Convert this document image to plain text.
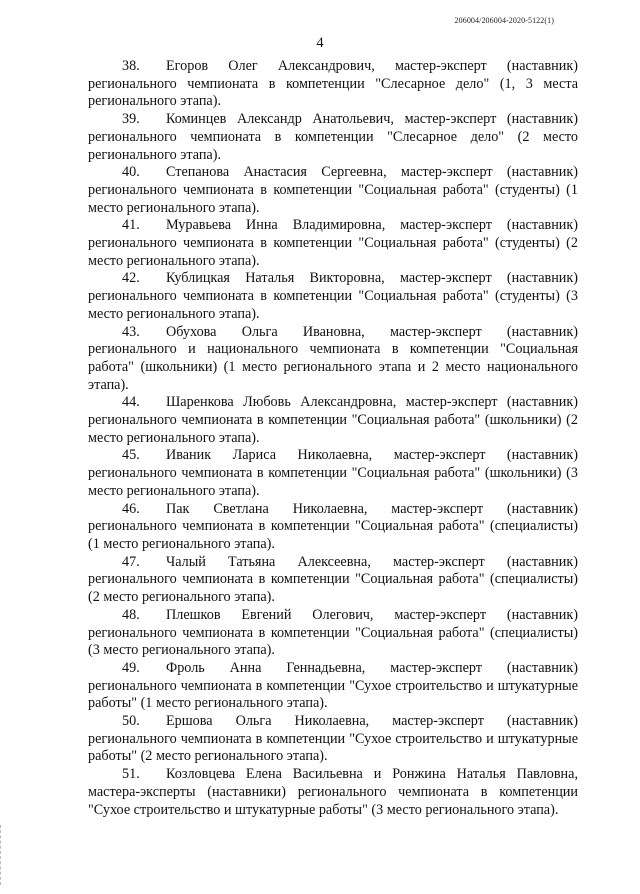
206004/206004-2020-5122(1)
4

38. Егоров Олег Александрович, мастер-эксперт (наставник) регионального чемпионата в компетенции "Слесарное дело" (1, 3 места регионального этапа).

39. Коминцев Александр Анатольевич, мастер-эксперт (наставник) регионального чемпионата в компетенции "Слесарное дело" (2 место регионального этапа).

40. Степанова Анастасия Сергеевна, мастер-эксперт (наставник) регионального чемпионата в компетенции "Социальная работа" (студенты) (1 место регионального этапа).

41. Муравьева Инна Владимировна, мастер-эксперт (наставник) регионального чемпионата в компетенции "Социальная работа" (студенты) (2 место регионального этапа).

42. Кублицкая Наталья Викторовна, мастер-эксперт (наставник) регионального чемпионата в компетенции "Социальная работа" (студенты) (3 место регионального этапа).

43. Обухова Ольга Ивановна, мастер-эксперт (наставник) регионального и национального чемпионата в компетенции "Социальная работа" (школьники) (1 место регионального этапа и 2 место национального этапа).

44. Шаренкова Любовь Александровна, мастер-эксперт (наставник) регионального чемпионата в компетенции "Социальная работа" (школьники) (2 место регионального этапа).

45. Иваник Лариса Николаевна, мастер-эксперт (наставник) регионального чемпионата в компетенции "Социальная работа" (школьники) (3 место регионального этапа).

46. Пак Светлана Николаевна, мастер-эксперт (наставник) регионального чемпионата в компетенции "Социальная работа" (специалисты) (1 место регионального этапа).

47. Чалый Татьяна Алексеевна, мастер-эксперт (наставник) регионального чемпионата в компетенции "Социальная работа" (специалисты) (2 место регионального этапа).

48. Плешков Евгений Олегович, мастер-эксперт (наставник) регионального чемпионата в компетенции "Социальная работа" (специалисты) (3 место регионального этапа).

49. Фроль Анна Геннадьевна, мастер-эксперт (наставник) регионального чемпионата в компетенции "Сухое строительство и штукатурные работы" (1 место регионального этапа).

50. Ершова Ольга Николаевна, мастер-эксперт (наставник) регионального чемпионата в компетенции "Сухое строительство и штукатурные работы" (2 место регионального этапа).

51. Козловцева Елена Васильевна и Ронжина Наталья Павловна, мастера-эксперты (наставники) регионального чемпионата в компетенции "Сухое строительство и штукатурные работы" (3 место регионального этапа).
